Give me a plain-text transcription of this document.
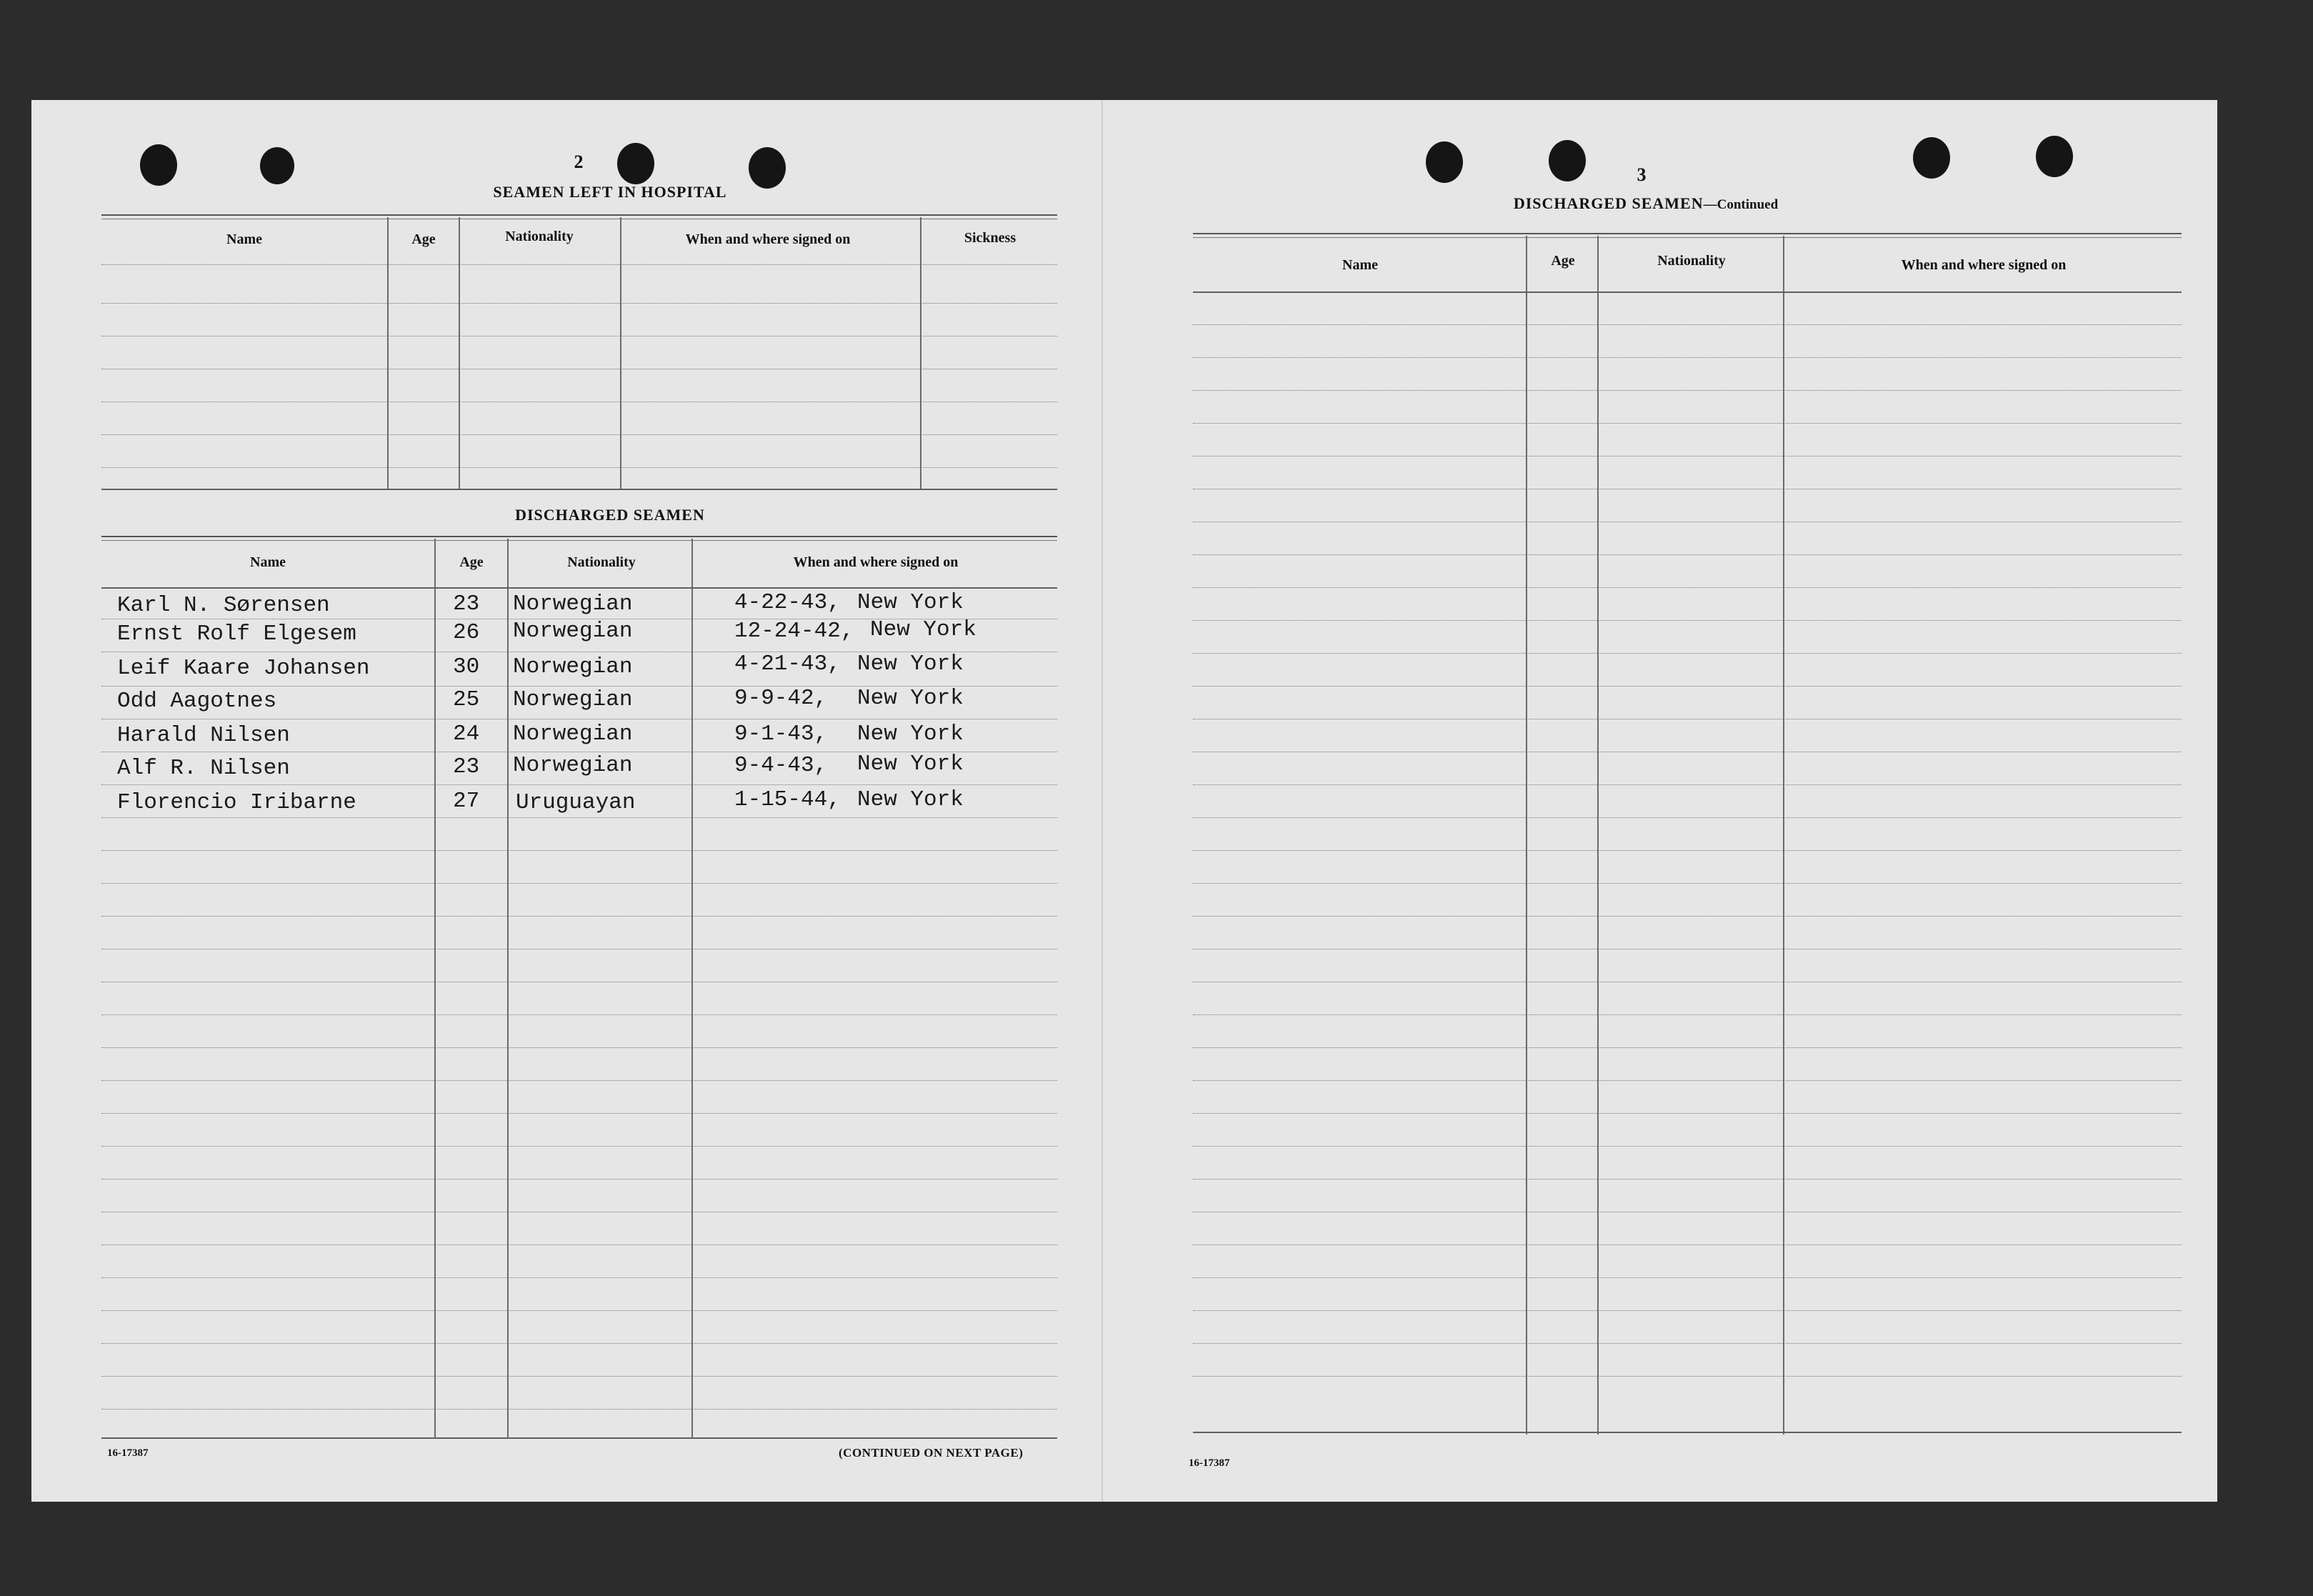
2
SEAMEN LEFT IN HOSPITAL
Name	Age	Nationality	When and where signed on	Sickness
DISCHARGED SEAMEN
Name	Age	Nationality	When and where signed on
Karl N. Sørensen	23 Norwegian	4-22-43, New York
Ernst Rolf Elgesem	26 Norwegian	12-24-42, New York
Leif Kaare Johansen	30 Norwegian	4-21-43, New York
Odd Aagotnes	25 Norwegian	9-9-42, New York
Harald Nilsen	24 Norwegian	9-1-43, New York
Alf R. Nilsen	23 Norwegian	9-4-43, New York
Florencio Iribarne	27 Uruguayan	1-15-44, New York
16-17387	(CONTINUED ON NEXT PAGE)
3
DISCHARGED SEAMEN—Continued
Name	Age	Nationality	When and where signed on
16-17387
